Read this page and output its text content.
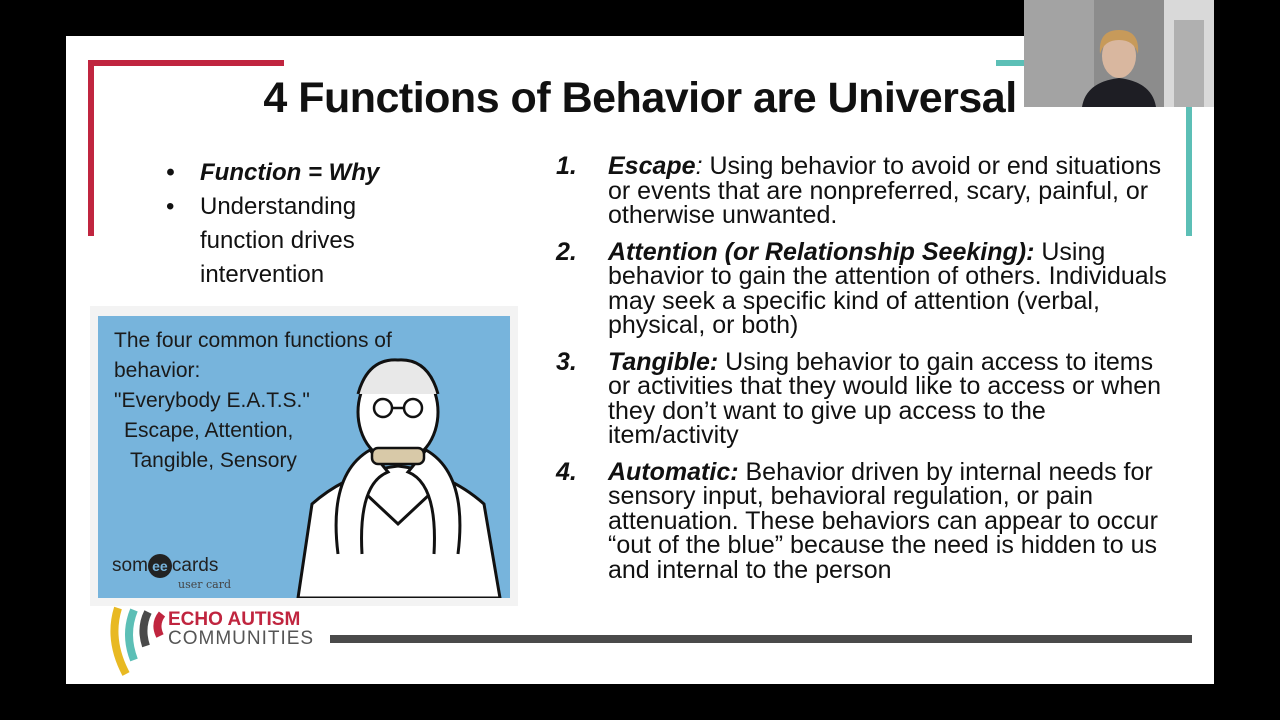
4 Functions of Behavior are Universal
• Function = Why
• Understanding function drives intervention
The four common functions of
behavior:
"Everybody E.A.T.S."
Escape, Attention,
Tangible, Sensory
som ee cards
user card
1. Escape: Using behavior to avoid or end situations or events that are nonpreferred, scary, painful, or otherwise unwanted.
2. Attention (or Relationship Seeking): Using behavior to gain the attention of others. Individuals may seek a specific kind of attention (verbal, physical, or both)
3. Tangible: Using behavior to gain access to items or activities that they would like to access or when they don’t want to give up access to the item/activity
4. Automatic: Behavior driven by internal needs for sensory input, behavioral regulation, or pain attenuation. These behaviors can appear to occur “out of the blue” because the need is hidden to us and internal to the person
ECHO AUTISM
COMMUNITIES
